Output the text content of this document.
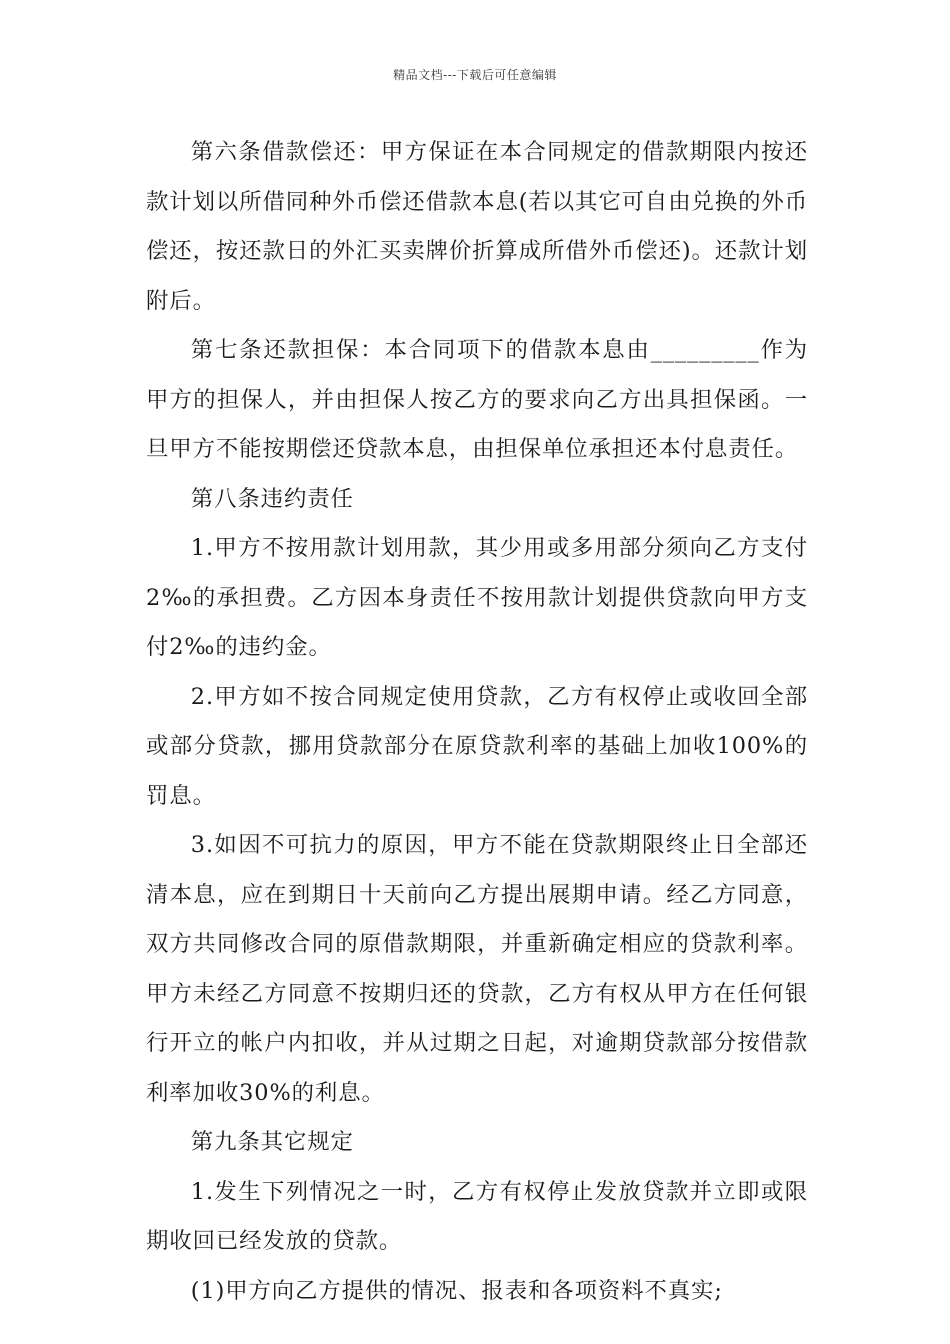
精品文档---下载后可任意编辑

第六条借款偿还：甲方保证在本合同规定的借款期限内按还款计划以所借同种外币偿还借款本息(若以其它可自由兑换的外币偿还，按还款日的外汇买卖牌价折算成所借外币偿还)。还款计划附后。

第七条还款担保：本合同项下的借款本息由_________作为甲方的担保人，并由担保人按乙方的要求向乙方出具担保函。一旦甲方不能按期偿还贷款本息，由担保单位承担还本付息责任。

第八条违约责任

1.甲方不按用款计划用款，其少用或多用部分须向乙方支付2‰的承担费。乙方因本身责任不按用款计划提供贷款向甲方支付2‰的违约金。

2.甲方如不按合同规定使用贷款，乙方有权停止或收回全部或部分贷款，挪用贷款部分在原贷款利率的基础上加收100%的罚息。

3.如因不可抗力的原因，甲方不能在贷款期限终止日全部还清本息，应在到期日十天前向乙方提出展期申请。经乙方同意，双方共同修改合同的原借款期限，并重新确定相应的贷款利率。甲方未经乙方同意不按期归还的贷款，乙方有权从甲方在任何银行开立的帐户内扣收，并从过期之日起，对逾期贷款部分按借款利率加收30%的利息。

第九条其它规定

1.发生下列情况之一时，乙方有权停止发放贷款并立即或限期收回已经发放的贷款。

(1)甲方向乙方提供的情况、报表和各项资料不真实;
